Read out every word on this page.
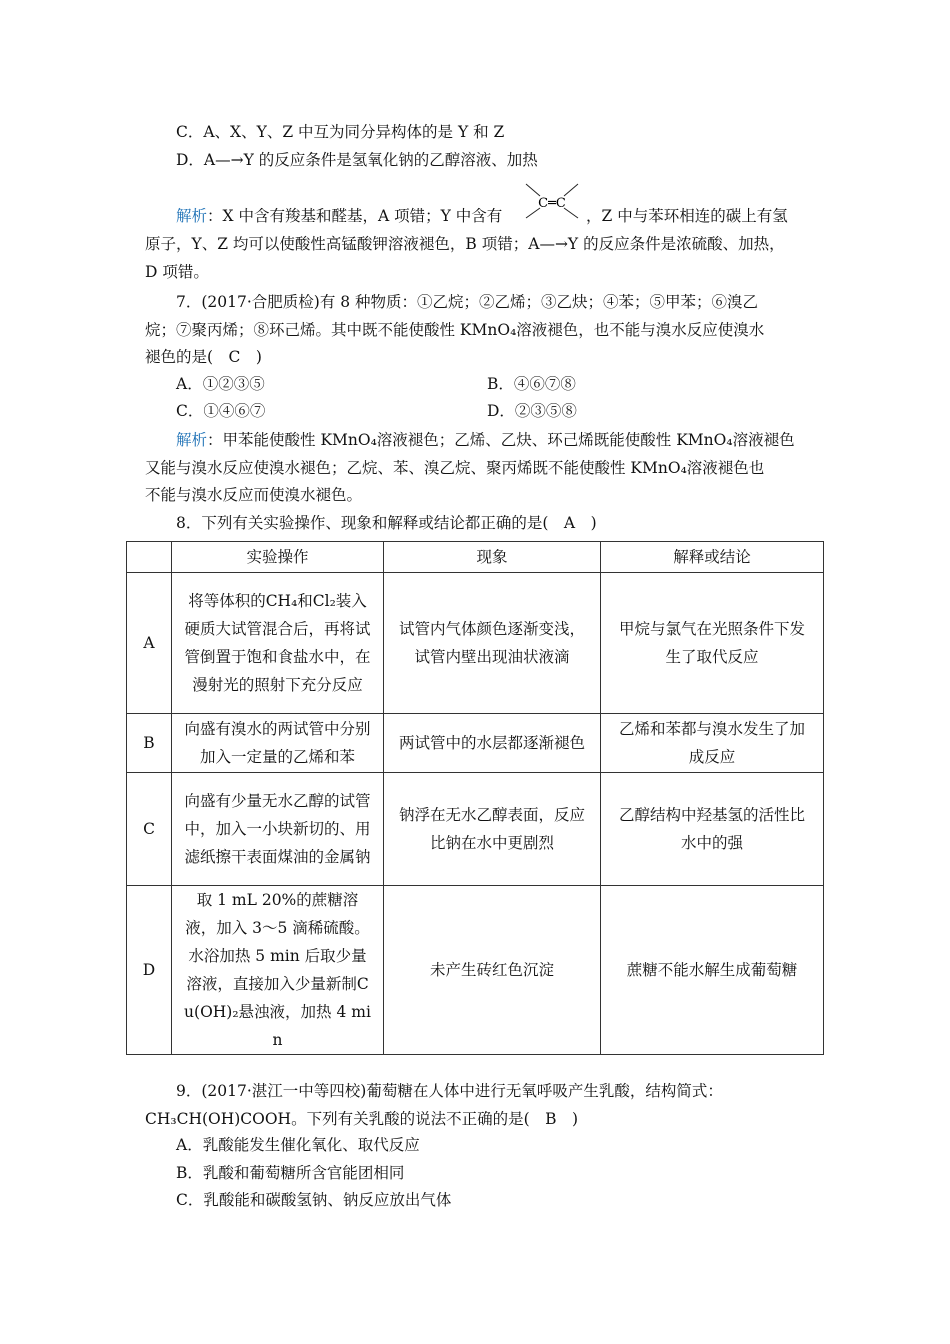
C．A、X、Y、Z 中互为同分异构体的是 Y 和 Z
D．A—→Y 的反应条件是氢氧化钠的乙醇溶液、加热
解析：X 中含有羧基和醛基，A 项错；Y 中含有
C═C
，Z 中与苯环相连的碳上有氢
原子，Y、Z 均可以使酸性高锰酸钾溶液褪色，B 项错；A—→Y 的反应条件是浓硫酸、加热，
D 项错。
7．(2017·合肥质检)有 8 种物质：①乙烷；②乙烯；③乙炔；④苯；⑤甲苯；⑥溴乙
烷；⑦聚丙烯；⑧环己烯。其中既不能使酸性 KMnO₄溶液褪色，也不能与溴水反应使溴水
褪色的是(　C　)
A．①②③⑤	B．④⑥⑦⑧
C．①④⑥⑦	D．②③⑤⑧
解析：甲苯能使酸性 KMnO₄溶液褪色；乙烯、乙炔、环己烯既能使酸性 KMnO₄溶液褪色
又能与溴水反应使溴水褪色；乙烷、苯、溴乙烷、聚丙烯既不能使酸性 KMnO₄溶液褪色也
不能与溴水反应而使溴水褪色。
8．下列有关实验操作、现象和解释或结论都正确的是(　A　)
	实验操作	现象	解释或结论
A	将等体积的CH₄和Cl₂装入硬质大试管混合后，再将试管倒置于饱和食盐水中，在漫射光的照射下充分反应	试管内气体颜色逐渐变浅，试管内壁出现油状液滴	甲烷与氯气在光照条件下发生了取代反应
B	向盛有溴水的两试管中分别加入一定量的乙烯和苯	两试管中的水层都逐渐褪色	乙烯和苯都与溴水发生了加成反应
C	向盛有少量无水乙醇的试管中，加入一小块新切的、用滤纸擦干表面煤油的金属钠	钠浮在无水乙醇表面，反应比钠在水中更剧烈	乙醇结构中羟基氢的活性比水中的强
D	取 1 mL 20%的蔗糖溶液，加入 3～5 滴稀硫酸。水浴加热 5 min 后取少量溶液，直接加入少量新制Cu(OH)₂悬浊液，加热 4 min	未产生砖红色沉淀	蔗糖不能水解生成葡萄糖
9．(2017·湛江一中等四校)葡萄糖在人体中进行无氧呼吸产生乳酸，结构简式：
CH₃CH(OH)COOH。下列有关乳酸的说法不正确的是(　B　)
A．乳酸能发生催化氧化、取代反应
B．乳酸和葡萄糖所含官能团相同
C．乳酸能和碳酸氢钠、钠反应放出气体
